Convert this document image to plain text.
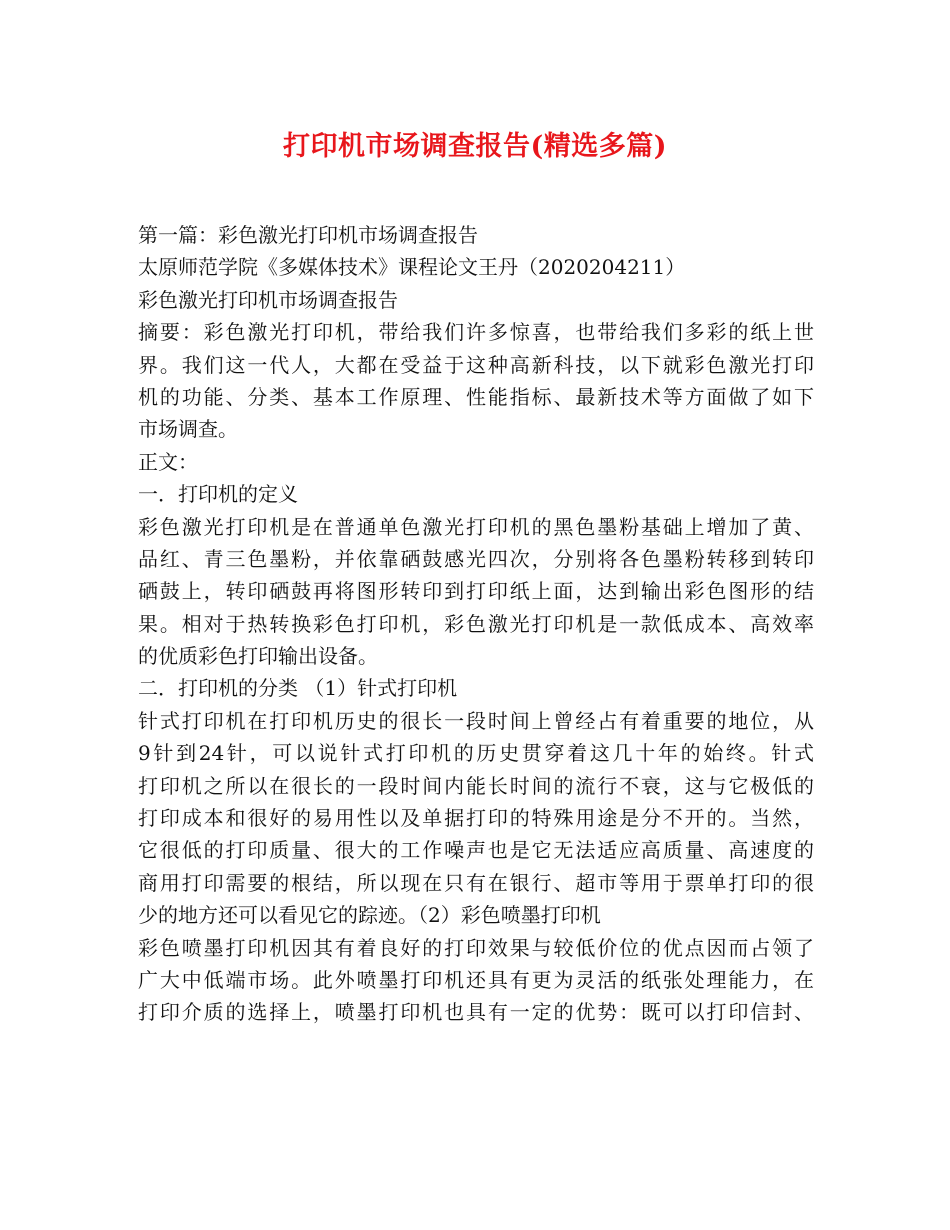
打印机市场调查报告(精选多篇)
第一篇：彩色激光打印机市场调查报告
太原师范学院《多媒体技术》课程论文王丹（2020204211）
彩色激光打印机市场调查报告
摘要：彩色激光打印机，带给我们许多惊喜，也带给我们多彩的纸上世
界。我们这一代人，大都在受益于这种高新科技，以下就彩色激光打印
机的功能、分类、基本工作原理、性能指标、最新技术等方面做了如下
市场调查。
正文：
一．打印机的定义
彩色激光打印机是在普通单色激光打印机的黑色墨粉基础上增加了黄、
品红、青三色墨粉，并依靠硒鼓感光四次，分别将各色墨粉转移到转印
硒鼓上，转印硒鼓再将图形转印到打印纸上面，达到输出彩色图形的结
果。相对于热转换彩色打印机，彩色激光打印机是一款低成本、高效率
的优质彩色打印输出设备。
二．打印机的分类 （1）针式打印机
针式打印机在打印机历史的很长一段时间上曾经占有着重要的地位，从
9针到24针，可以说针式打印机的历史贯穿着这几十年的始终。针式
打印机之所以在很长的一段时间内能长时间的流行不衰，这与它极低的
打印成本和很好的易用性以及单据打印的特殊用途是分不开的。当然，
它很低的打印质量、很大的工作噪声也是它无法适应高质量、高速度的
商用打印需要的根结，所以现在只有在银行、超市等用于票单打印的很
少的地方还可以看见它的踪迹。（2）彩色喷墨打印机
彩色喷墨打印机因其有着良好的打印效果与较低价位的优点因而占领了
广大中低端市场。此外喷墨打印机还具有更为灵活的纸张处理能力，在
打印介质的选择上，喷墨打印机也具有一定的优势：既可以打印信封、
